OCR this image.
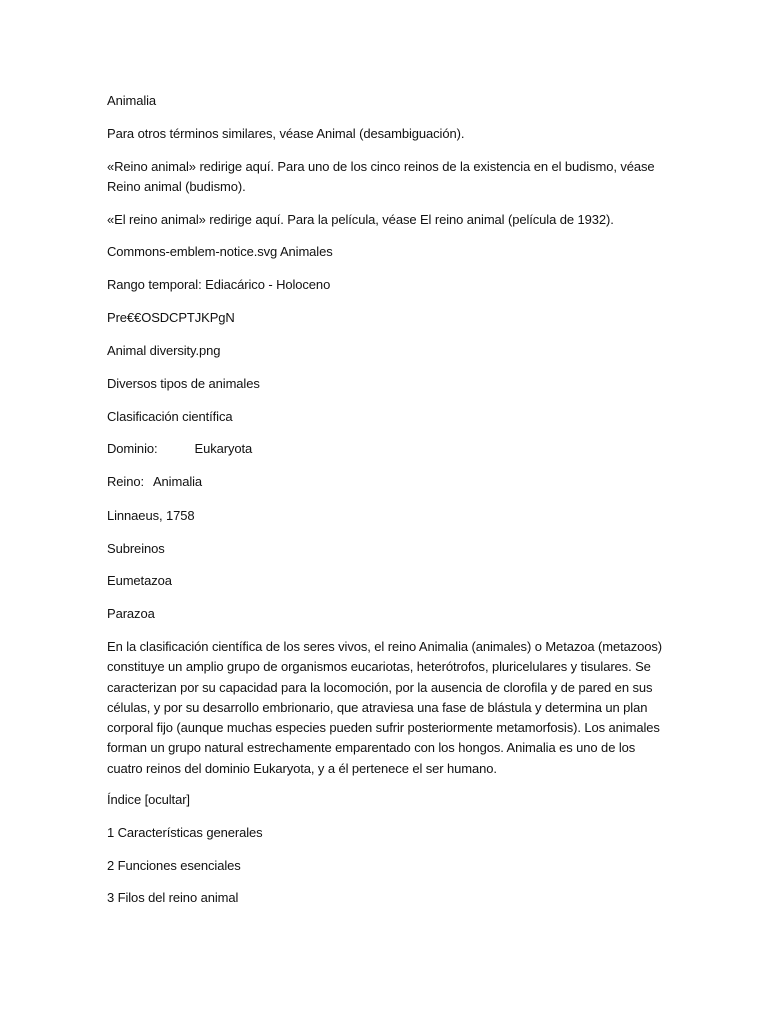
Animalia
Para otros términos similares, véase Animal (desambiguación).
«Reino animal» redirige aquí. Para uno de los cinco reinos de la existencia en el budismo, véase
Reino animal (budismo).
«El reino animal» redirige aquí. Para la película, véase El reino animal (película de 1932).
Commons-emblem-notice.svg Animales
Rango temporal: Ediacárico - Holoceno
Pre€€OSDCPTJKPgN
Animal diversity.png
Diversos tipos de animales
Clasificación científica
Dominio:	Eukaryota
Reino: Animalia
Linnaeus, 1758
Subreinos
Eumetazoa
Parazoa
En la clasificación científica de los seres vivos, el reino Animalia (animales) o Metazoa (metazoos)
constituye un amplio grupo de organismos eucariotas, heterótrofos, pluricelulares y tisulares. Se
caracterizan por su capacidad para la locomoción, por la ausencia de clorofila y de pared en sus
células, y por su desarrollo embrionario, que atraviesa una fase de blástula y determina un plan
corporal fijo (aunque muchas especies pueden sufrir posteriormente metamorfosis). Los animales
forman un grupo natural estrechamente emparentado con los hongos. Animalia es uno de los
cuatro reinos del dominio Eukaryota, y a él pertenece el ser humano.
Índice [ocultar]
1 Características generales
2 Funciones esenciales
3 Filos del reino animal
